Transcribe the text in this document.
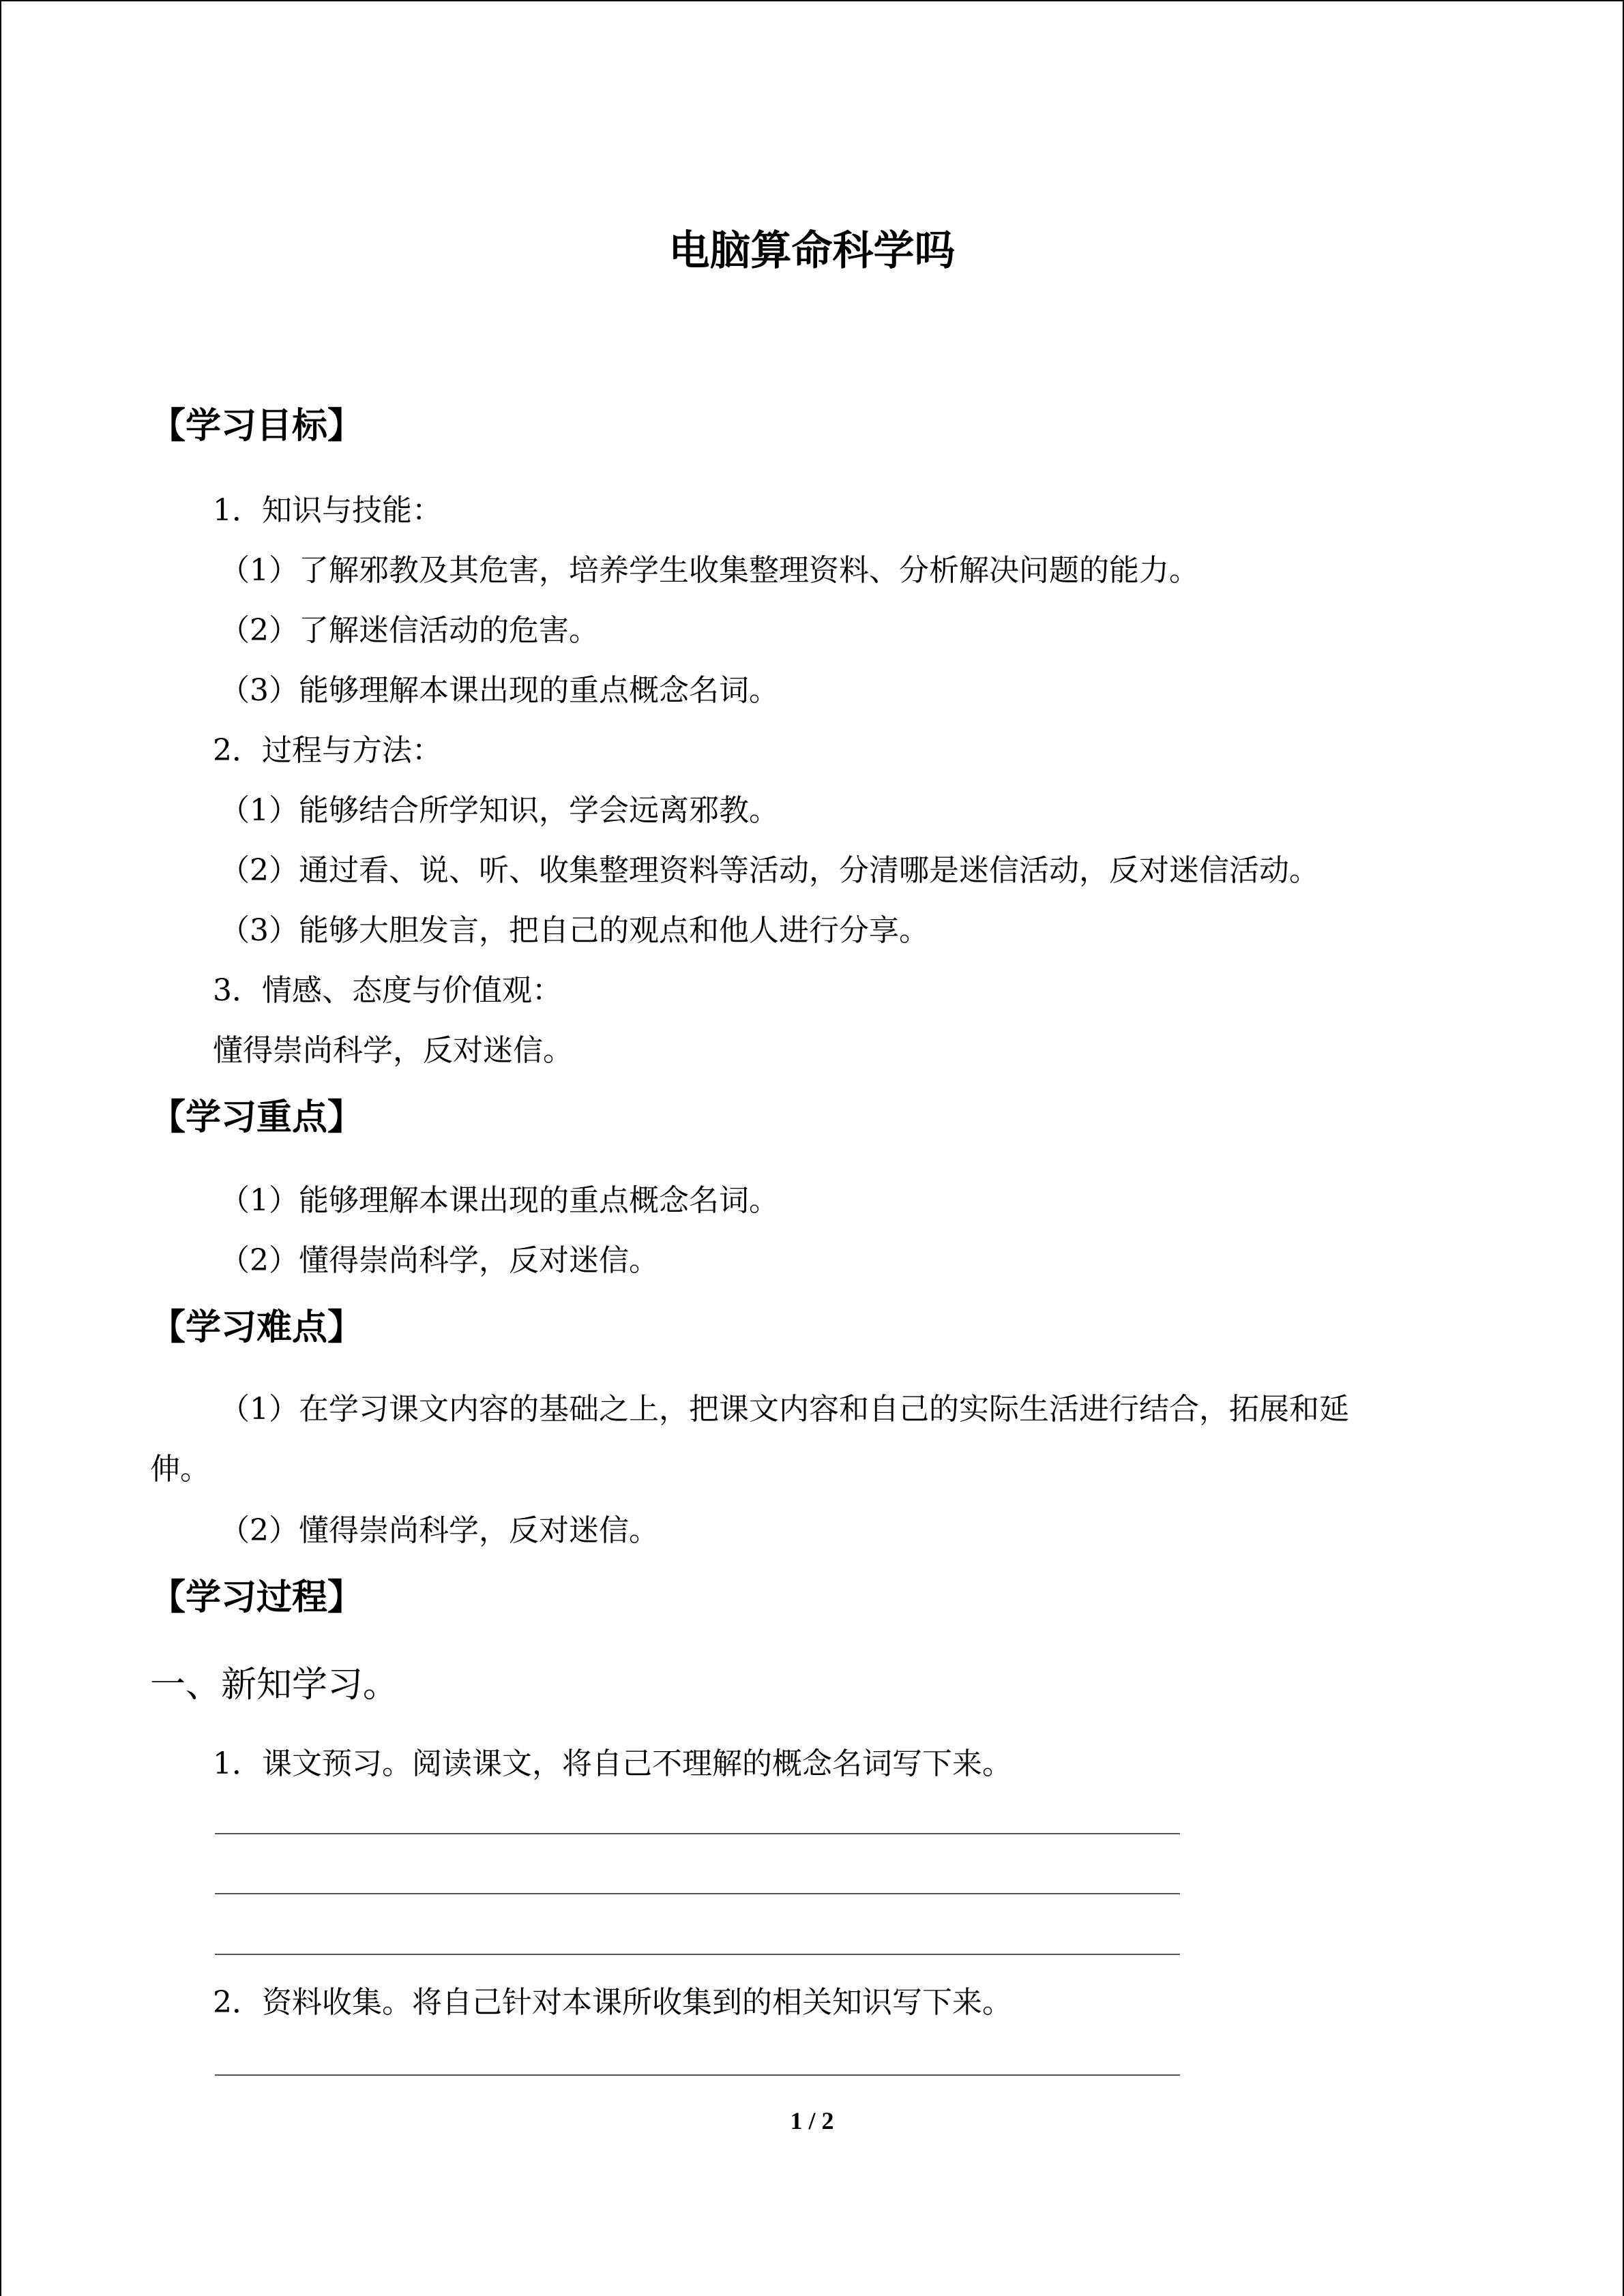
电脑算命科学吗
【学习目标】
1．知识与技能：
（1）了解邪教及其危害，培养学生收集整理资料、分析解决问题的能力。
（2）了解迷信活动的危害。
（3）能够理解本课出现的重点概念名词。
2．过程与方法：
（1）能够结合所学知识，学会远离邪教。
（2）通过看、说、听、收集整理资料等活动，分清哪是迷信活动，反对迷信活动。
（3）能够大胆发言，把自己的观点和他人进行分享。
3．情感、态度与价值观：
懂得崇尚科学，反对迷信。
【学习重点】
（1）能够理解本课出现的重点概念名词。
（2）懂得崇尚科学，反对迷信。
【学习难点】
（1）在学习课文内容的基础之上，把课文内容和自己的实际生活进行结合，拓展和延
伸。
（2）懂得崇尚科学，反对迷信。
【学习过程】
一、新知学习。
1．课文预习。阅读课文，将自己不理解的概念名词写下来。
2．资料收集。将自己针对本课所收集到的相关知识写下来。
1 / 2
